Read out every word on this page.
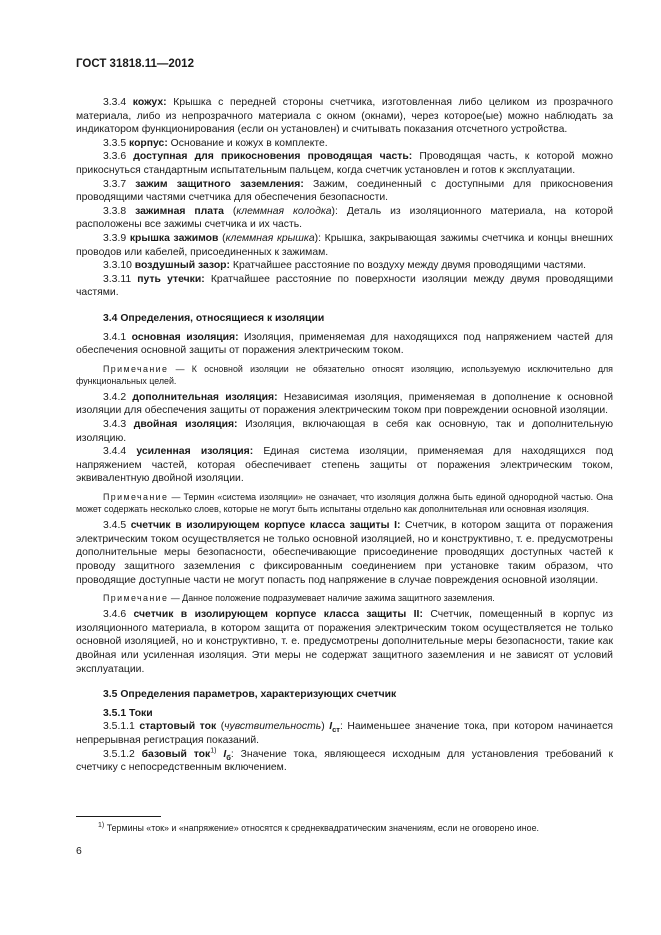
ГОСТ 31818.11—2012

3.3.4 кожух: Крышка с передней стороны счетчика, изготовленная либо целиком из прозрачного материала, либо из непрозрачного материала с окном (окнами), через которое(ые) можно наблюдать за индикатором функционирования (если он установлен) и считывать показания отсчетного устройства.

3.3.5 корпус: Основание и кожух в комплекте.

3.3.6 доступная для прикосновения проводящая часть: Проводящая часть, к которой можно прикоснуться стандартным испытательным пальцем, когда счетчик установлен и готов к эксплуатации.

3.3.7 зажим защитного заземления: Зажим, соединенный с доступными для прикосновения проводящими частями счетчика для обеспечения безопасности.

3.3.8 зажимная плата (клеммная колодка): Деталь из изоляционного материала, на которой расположены все зажимы счетчика и их часть.

3.3.9 крышка зажимов (клеммная крышка): Крышка, закрывающая зажимы счетчика и концы внешних проводов или кабелей, присоединенных к зажимам.

3.3.10 воздушный зазор: Кратчайшее расстояние по воздуху между двумя проводящими частями.

3.3.11 путь утечки: Кратчайшее расстояние по поверхности изоляции между двумя проводящими частями.

3.4 Определения, относящиеся к изоляции

3.4.1 основная изоляция: Изоляция, применяемая для находящихся под напряжением частей для обеспечения основной защиты от поражения электрическим током.

Примечание — К основной изоляции не обязательно относят изоляцию, используемую исключительно для функциональных целей.

3.4.2 дополнительная изоляция: Независимая изоляция, применяемая в дополнение к основной изоляции для обеспечения защиты от поражения электрическим током при повреждении основной изоляции.

3.4.3 двойная изоляция: Изоляция, включающая в себя как основную, так и дополнительную изоляцию.

3.4.4 усиленная изоляция: Единая система изоляции, применяемая для находящихся под напряжением частей, которая обеспечивает степень защиты от поражения электрическим током, эквивалентную двойной изоляции.

Примечание — Термин «система изоляции» не означает, что изоляция должна быть единой однородной частью. Она может содержать несколько слоев, которые не могут быть испытаны отдельно как дополнительная или основная изоляция.

3.4.5 счетчик в изолирующем корпусе класса защиты I: Счетчик, в котором защита от поражения электрическим током осуществляется не только основной изоляцией, но и конструктивно, т. е. предусмотрены дополнительные меры безопасности, обеспечивающие присоединение проводящих доступных частей к проводу защитного заземления с фиксированным соединением при установке таким образом, что проводящие доступные части не могут попасть под напряжение в случае повреждения основной изоляции.

Примечание — Данное положение подразумевает наличие зажима защитного заземления.

3.4.6 счетчик в изолирующем корпусе класса защиты II: Счетчик, помещенный в корпус из изоляционного материала, в котором защита от поражения электрическим током осуществляется не только основной изоляцией, но и конструктивно, т. е. предусмотрены дополнительные меры безопасности, такие как двойная или усиленная изоляция. Эти меры не содержат защитного заземления и не зависят от условий эксплуатации.

3.5 Определения параметров, характеризующих счетчик

3.5.1 Токи

3.5.1.1 стартовый ток (чувствительность) $I_{ст}$: Наименьшее значение тока, при котором начинается непрерывная регистрация показаний.

3.5.1.2 базовый ток$^{1)}$ $I_б$: Значение тока, являющееся исходным для установления требований к счетчику с непосредственным включением.

$^{1)}$ Термины «ток» и «напряжение» относятся к среднеквадратическим значениям, если не оговорено иное.
6
